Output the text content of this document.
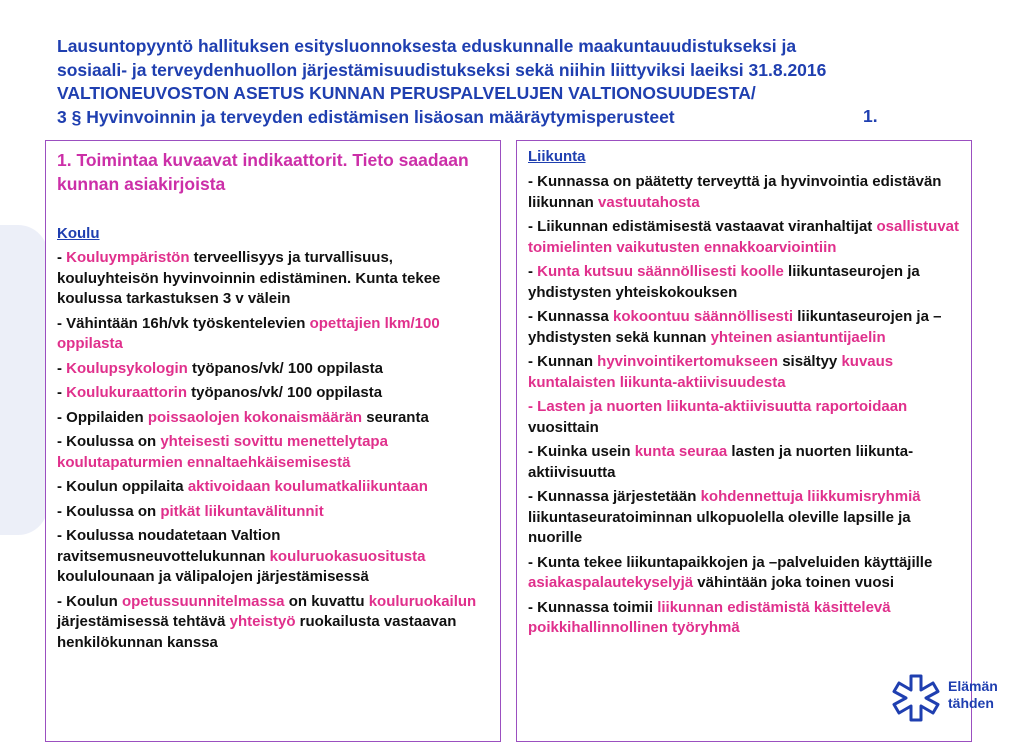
Lausuntopyyntö hallituksen esitysluonnoksesta eduskunnalle maakuntauudistukseksi ja
sosiaali- ja terveydenhuollon järjestämisuudistukseksi sekä niihin liittyviksi laeiksi 31.8.2016
VALTIONEUVOSTON ASETUS KUNNAN PERUSPALVELUJEN VALTIONOSUUDESTA/
3 § Hyvinvoinnin ja terveyden edistämisen lisäosan määräytymisperusteet	1.
1. Toimintaa kuvaavat indikaattorit. Tieto saadaan kunnan asiakirjoista
Koulu
- Kouluympäristön terveellisyys ja turvallisuus, kouluyhteisön hyvinvoinnin edistäminen. Kunta tekee koulussa tarkastuksen 3 v välein
- Vähintään 16h/vk työskentelevien opettajien lkm/100 oppilasta
- Koulupsykologin työpanos/vk/ 100 oppilasta
- Koulukuraattorin työpanos/vk/ 100 oppilasta
- Oppilaiden poissaolojen kokonaismäärän seuranta
- Koulussa on yhteisesti sovittu menettelytapa koulutapaturmien ennaltaehkäisemisestä
- Koulun oppilaita aktivoidaan koulumatkaliikuntaan
- Koulussa on pitkät liikuntavälitunnit
- Koulussa noudatetaan Valtion ravitsemusneuvottelukunnan kouluruokasuositusta koululounaan ja välipalojen järjestämisessä
- Koulun opetussuunnitelmassa on kuvattu kouluruokailun järjestämisessä tehtävä yhteistyö ruokailusta vastaavan henkilökunnan kanssa
Liikunta
- Kunnassa on päätetty terveyttä ja hyvinvointia edistävän liikunnan vastuutahosta
- Liikunnan edistämisestä vastaavat viranhaltijat osallistuvat toimielinten vaikutusten ennakkoarviointiin
- Kunta kutsuu säännöllisesti koolle liikuntaseurojen ja yhdistysten yhteiskokouksen
- Kunnassa kokoontuu säännöllisesti liikuntaseurojen ja –yhdistysten sekä kunnan yhteinen asiantuntijaelin
- Kunnan hyvinvointikertomukseen sisältyy kuvaus kuntalaisten liikunta-aktiivisuudesta
- Lasten ja nuorten liikunta-aktiivisuutta raportoidaan vuosittain
- Kuinka usein kunta seuraa lasten ja nuorten liikunta-aktiivisuutta
- Kunnassa järjestetään kohdennettuja liikkumisryhmiä liikuntaseuratoiminnan ulkopuolella oleville lapsille ja nuorille
- Kunta tekee liikuntapaikkojen ja –palveluiden käyttäjille asiakaspalautekyselyjä vähintään joka toinen vuosi
- Kunnassa toimii liikunnan edistämistä käsittelevä poikkihallinnollinen työryhmä
Elämän
tähden
